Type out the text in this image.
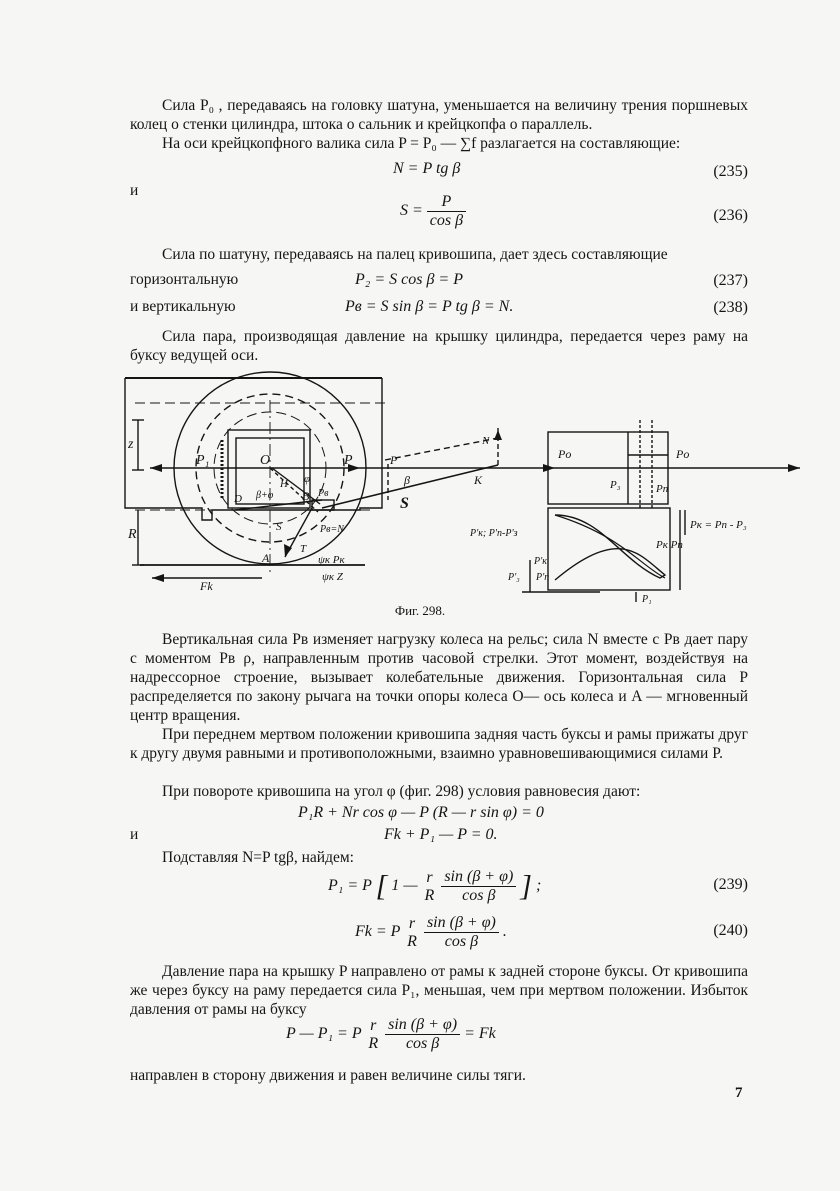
Сила P₀ , передаваясь на головку шатуна, уменьшается на величину трения поршневых колец о стенки цилиндра, штока о сальник и крейцкопфа о параллель.

На оси крейцкопфного валика сила P = P₀ — ∑f разлагается на составляющие:

и
N = P tg β	(235)
$S = \frac{P}{\text{cos β}}$	(236)

Сила по шатуну, передаваясь на палец кривошипа, дает здесь составляющие

горизонтальную	P₂ = S cos β = P	(237)
и вертикальную	Pв = S sin β = P tg β = N.	(238)

Сила пара, производящая давление на крышку цилиндра, передается через раму на буксу ведущей оси.

z
R
P₁	O	P
H φ
D β+φ B Pв
Pв=N
S
T
A
Fk
ψк Pк
ψк Z
P
β
S
N
K
Pо
P₃
Pо
Pп
Pк = Pп - P₃
Pк Pп
P'к; P'п-P'з
P'к
P'₃ P'п
P₁
Фиг. 298.

Вертикальная сила Pв изменяет нагрузку колеса на рельс; сила N вместе с Pв дает пару с моментом Pв ρ, направленным против часовой стрелки. Этот момент, воздействуя на надрессорное строение, вызывает колебательные движения. Горизонтальная сила P распределяется по закону рычага на точки опоры колеса O— ось колеса и A — мгновенный центр вращения.

При переднем мертвом положении кривошипа задняя часть буксы и рамы прижаты друг к другу двумя равными и противоположными, взаимно уравновешивающимися силами P.

При повороте кривошипа на угол φ (фиг. 298) условия равновесия дают:

P₁R + Nr cos φ — P (R — r sin φ) = 0
и	Fk + P₁ — P = 0.

Подставляя N=P tgβ, найдем:

P₁ = P [ 1 —
r
R
$\frac{\sin (\beta + \varphi)}{\text{cos β}}$ ] ;	(239)
Fk = P
r
R
$\frac{\sin (\beta + \varphi)}{\text{cos β}}$ .	(240)

Давление пара на крышку P направлено от рамы к задней стороне буксы. От кривошипа же через буксу на раму передается сила P₁, меньшая, чем при мертвом положении. Избыток давления от рамы на буксу

P — P₁ = P
r
R
$\frac{\sin (\beta + \varphi)}{\text{cos β}} = Fk$

направлен в сторону движения и равен величине силы тяги.

7
